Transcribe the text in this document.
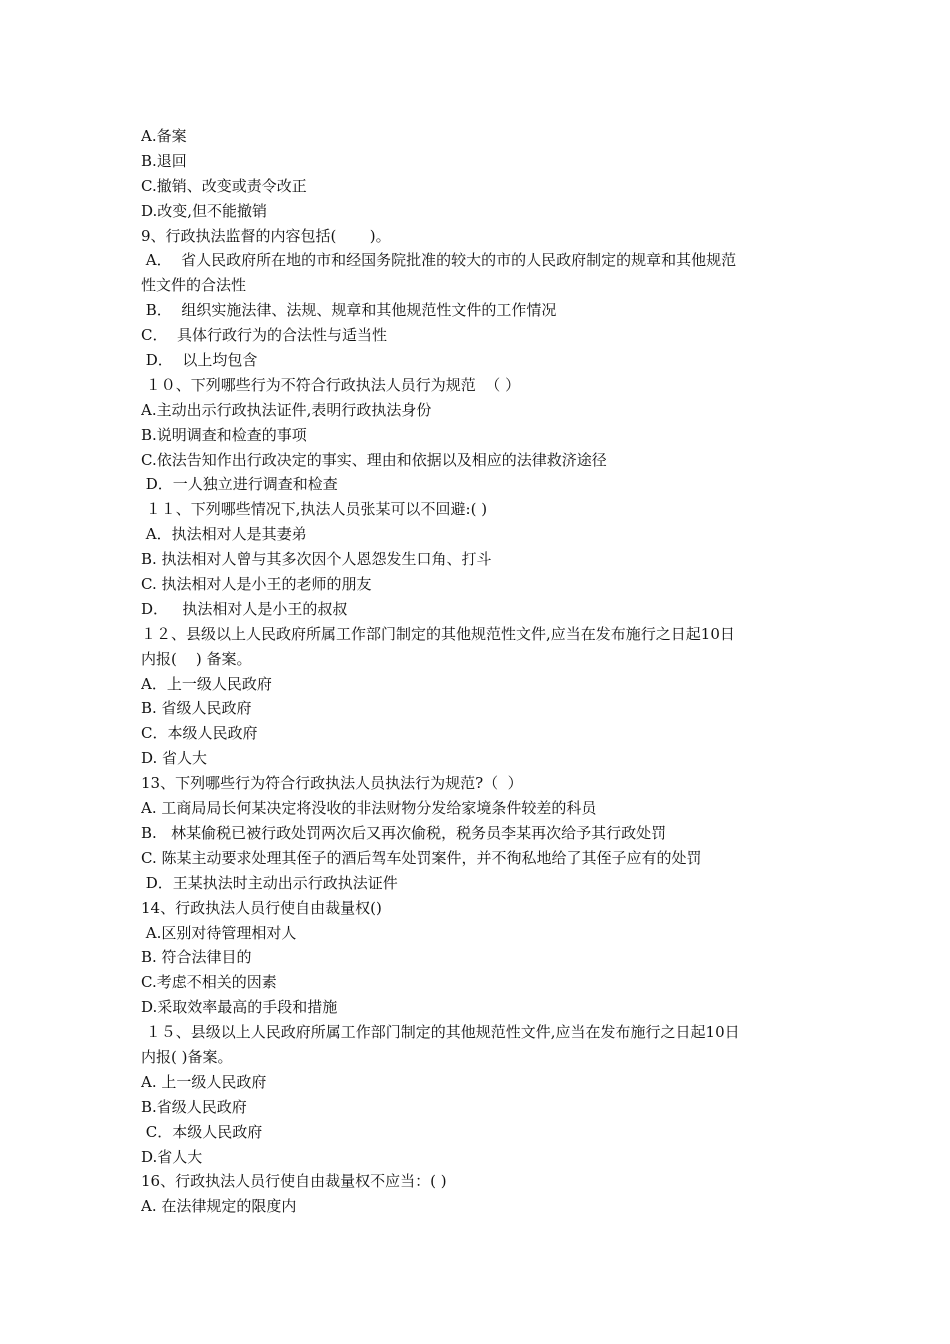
A.备案
B.退回
C.撤销、改变或责令改正
D.改变,但不能撤销
9、行政执法监督的内容包括(       )。
A．  省人民政府所在地的市和经国务院批准的较大的市的人民政府制定的规章和其他规范
性文件的合法性
B．  组织实施法律、法规、规章和其他规范性文件的工作情况
C．  具体行政行为的合法性与适当性
D．  以上均包含
１０、下列哪些行为不符合行政执法人员行为规范  （ ）
A.主动出示行政执法证件,表明行政执法身份
B.说明调查和检查的事项
C.依法告知作出行政决定的事实、理由和依据以及相应的法律救济途径
D．一人独立进行调查和检查
１１、下列哪些情况下,执法人员张某可以不回避:( )
A．执法相对人是其妻弟
B. 执法相对人曾与其多次因个人恩怨发生口角、打斗
C. 执法相对人是小王的老师的朋友
D．   执法相对人是小王的叔叔
１２、县级以上人民政府所属工作部门制定的其他规范性文件,应当在发布施行之日起10日
内报(    ) 备案。
A．上一级人民政府
B. 省级人民政府
C．本级人民政府
D. 省人大
13、下列哪些行为符合行政执法人员执法行为规范?（  ）
A. 工商局局长何某决定将没收的非法财物分发给家境条件较差的科员
B.   林某偷税已被行政处罚两次后又再次偷税，税务员李某再次给予其行政处罚
C. 陈某主动要求处理其侄子的酒后驾车处罚案件，并不徇私地给了其侄子应有的处罚
D．王某执法时主动出示行政执法证件
14、行政执法人员行使自由裁量权()
A.区别对待管理相对人
B. 符合法律目的
C.考虑不相关的因素
D.采取效率最高的手段和措施
１５、县级以上人民政府所属工作部门制定的其他规范性文件,应当在发布施行之日起10日
内报( )备案。
A. 上一级人民政府
B.省级人民政府
C．本级人民政府
D.省人大
16、行政执法人员行使自由裁量权不应当：( )
A. 在法律规定的限度内
